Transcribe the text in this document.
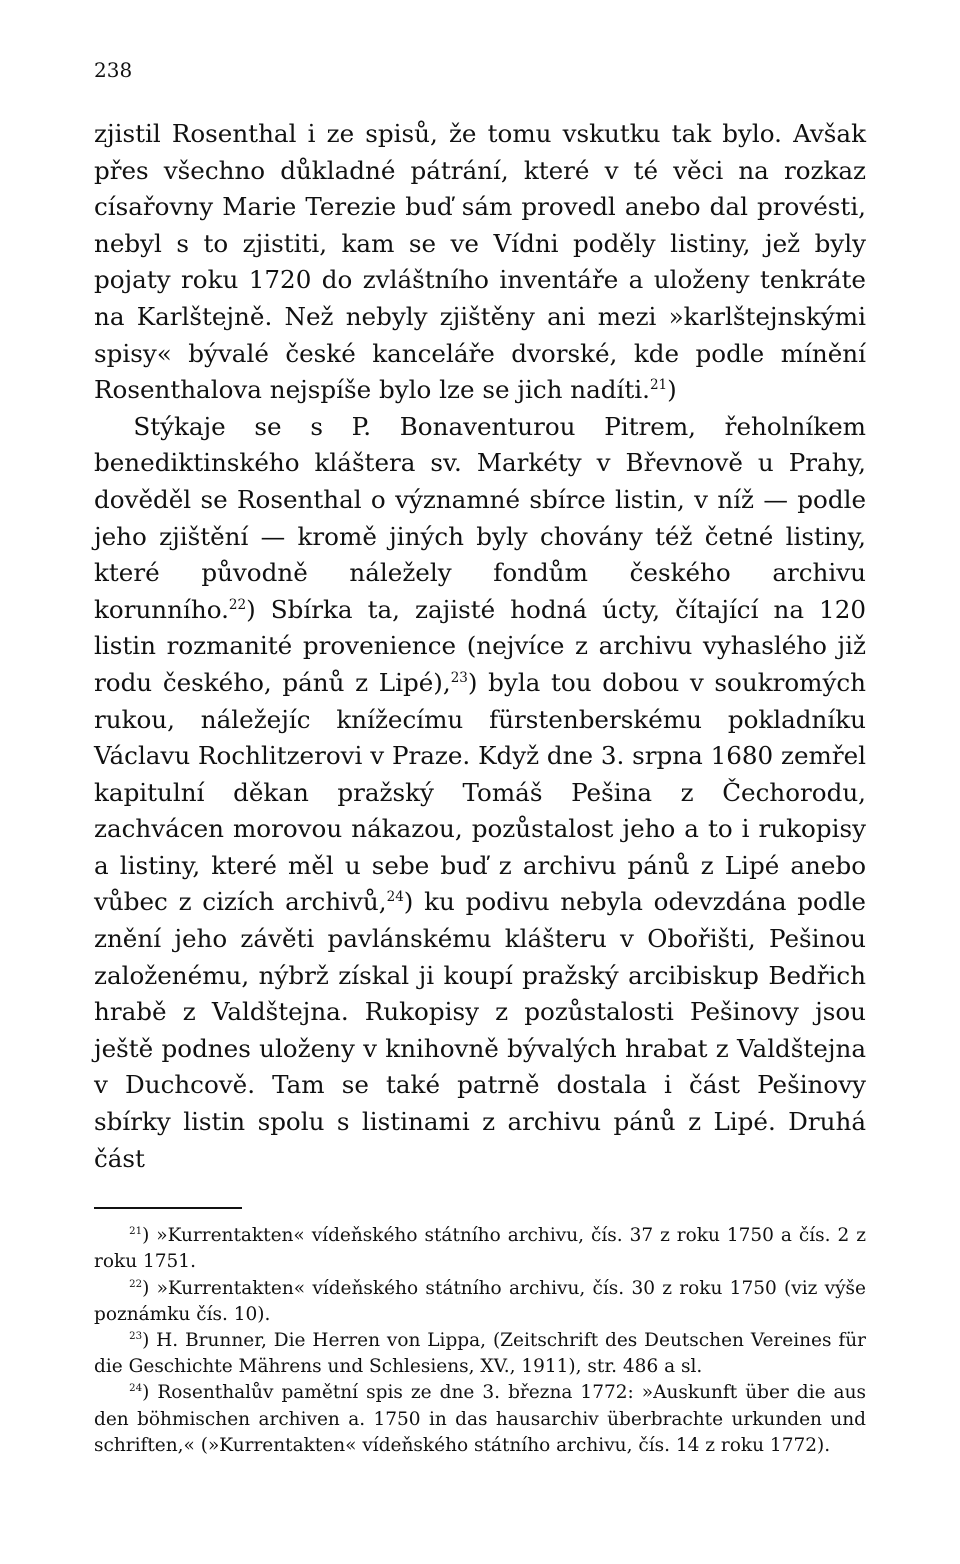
238

zjistil Rosenthal i ze spisů, že tomu vskutku tak bylo. Avšak přes všechno důkladné pátrání, které v té věci na rozkaz císařovny Marie Terezie buď sám provedl anebo dal provésti, nebyl s to zjistiti, kam se ve Vídni poděly listiny, jež byly pojaty roku 1720 do zvláštního inventáře a uloženy tenkráte na Karlštejně. Než nebyly zjištěny ani mezi »karlštejnskými spisy« bývalé české kanceláře dvorské, kde podle mínění Rosenthalova nejspíše bylo lze se jich nadíti.$^{21}$)

Stýkaje se s P. Bonaventurou Pitrem, řeholníkem benediktinského kláštera sv. Markéty v Břevnově u Prahy, dověděl se Rosenthal o významné sbírce listin, v níž — podle jeho zjištění — kromě jiných byly chovány též četné listiny, které původně náležely fondům českého archivu korunního.$^{22}$) Sbírka ta, zajisté hodná úcty, čítající na 120 listin rozmanité provenience (nejvíce z archivu vyhaslého již rodu českého, pánů z Lipé),$^{23}$) byla tou dobou v soukromých rukou, náležejíc knížecímu fürstenberskému pokladníku Václavu Rochlitzerovi v Praze. Když dne 3. srpna 1680 zemřel kapitulní děkan pražský Tomáš Pešina z Čechorodu, zachvácen morovou nákazou, pozůstalost jeho a to i rukopisy a listiny, které měl u sebe buď z archivu pánů z Lipé anebo vůbec z cizích archivů,$^{24}$) ku podivu nebyla odevzdána podle znění jeho závěti pavlánskému klášteru v Obořišti, Pešinou založenému, nýbrž získal ji koupí pražský arcibiskup Bedřich hrabě z Valdštejna. Rukopisy z pozůstalosti Pešinovy jsou ještě podnes uloženy v knihovně bývalých hrabat z Valdštejna v Duchcově. Tam se také patrně dostala i část Pešinovy sbírky listin spolu s listinami z archivu pánů z Lipé. Druhá část

$^{21}$) »Kurrentakten« vídeňského státního archivu, čís. 37 z roku 1750 a čís. 2 z roku 1751.

$^{22}$) »Kurrentakten« vídeňského státního archivu, čís. 30 z roku 1750 (viz výše poznámku čís. 10).

$^{23}$) H. Brunner, Die Herren von Lippa, (Zeitschrift des Deutschen Vereines für die Geschichte Mährens und Schlesiens, XV., 1911), str. 486 a sl.

$^{24}$) Rosenthalův pamětní spis ze dne 3. března 1772: »Auskunft über die aus den böhmischen archiven a. 1750 in das hausarchiv überbrachte urkunden und schriften,« (»Kurrentakten« vídeňského státního archivu, čís. 14 z roku 1772).
